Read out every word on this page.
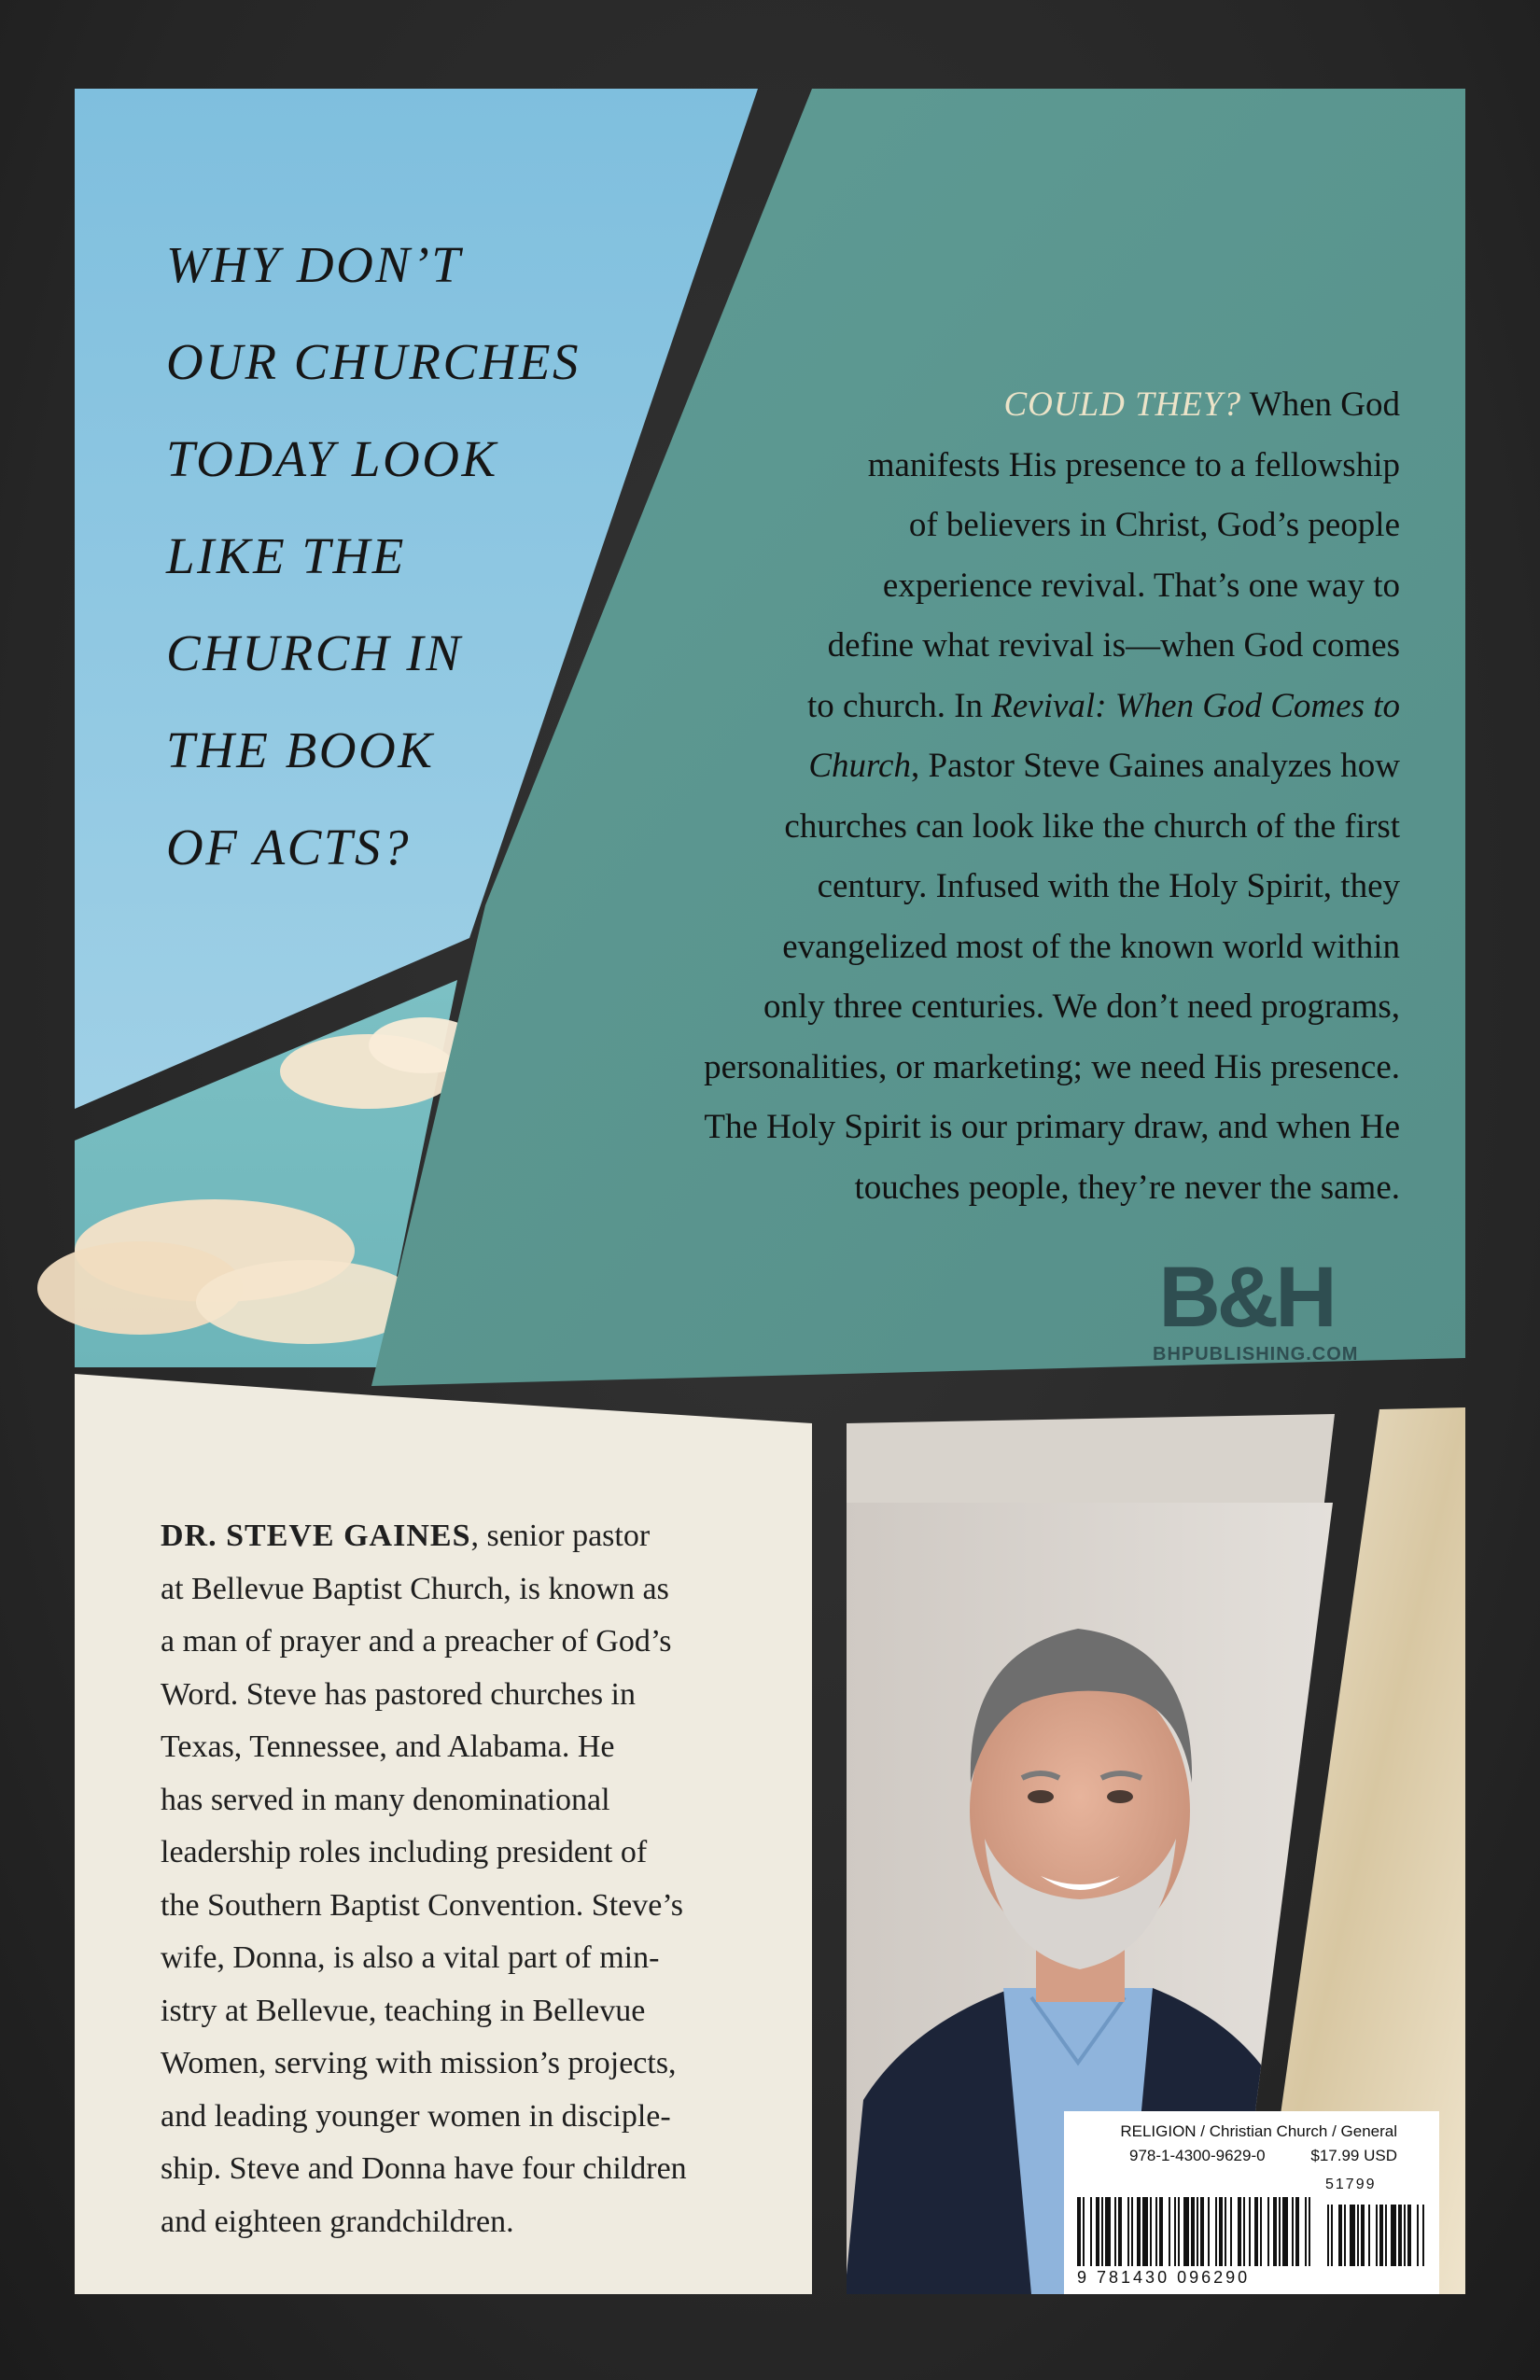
WHY DON’T
OUR CHURCHES
TODAY LOOK
LIKE THE
CHURCH IN
THE BOOK
OF ACTS?
COULD THEY? When God
manifests His presence to a fellowship
of believers in Christ, God’s people
experience revival. That’s one way to
define what revival is—when God comes
to church. In Revival: When God Comes to
Church, Pastor Steve Gaines analyzes how
churches can look like the church of the first
century. Infused with the Holy Spirit, they
evangelized most of the known world within
only three centuries. We don’t need programs,
personalities, or marketing; we need His presence.
The Holy Spirit is our primary draw, and when He
touches people, they’re never the same.
B&H
BHPUBLISHING.COM
DR. STEVE GAINES, senior pastor
at Bellevue Baptist Church, is known as
a man of prayer and a preacher of God’s
Word. Steve has pastored churches in
Texas, Tennessee, and Alabama. He
has served in many denominational
leadership roles including president of
the Southern Baptist Convention. Steve’s
wife, Donna, is also a vital part of min-
istry at Bellevue, teaching in Bellevue
Women, serving with mission’s projects,
and leading younger women in disciple-
ship. Steve and Donna have four children
and eighteen grandchildren.
RELIGION / Christian Church / General
978-1-4300-9629-0	$17.99 USD
51799
9 781430 096290
